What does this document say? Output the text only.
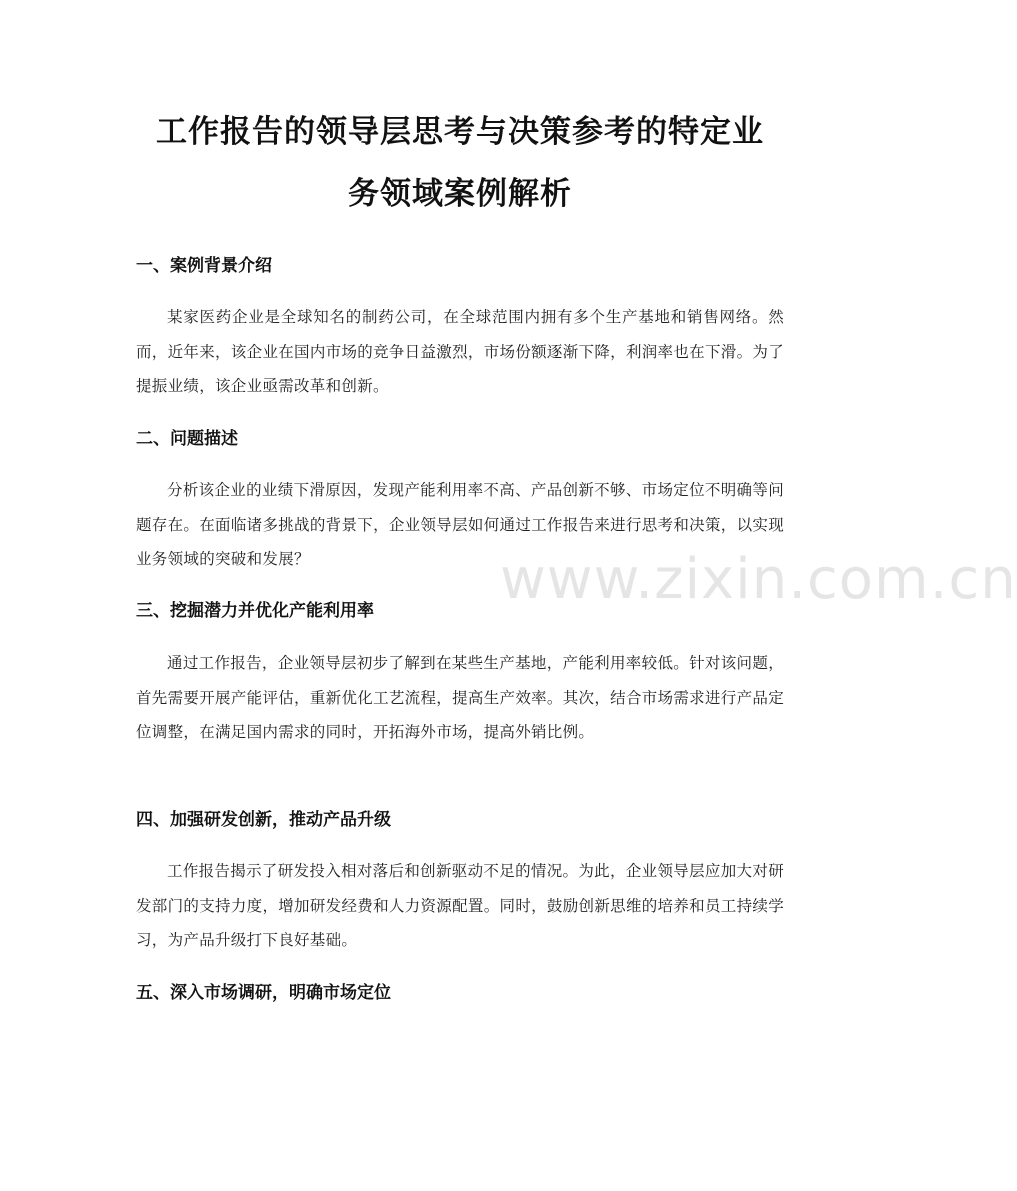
工作报告的领导层思考与决策参考的特定业
务领域案例解析
一、案例背景介绍

某家医药企业是全球知名的制药公司，在全球范围内拥有多个生产基地和销售网络。然而，近年来，该企业在国内市场的竞争日益激烈，市场份额逐渐下降，利润率也在下滑。为了提振业绩，该企业亟需改革和创新。

二、问题描述

分析该企业的业绩下滑原因，发现产能利用率不高、产品创新不够、市场定位不明确等问题存在。在面临诸多挑战的背景下，企业领导层如何通过工作报告来进行思考和决策，以实现业务领域的突破和发展？

三、挖掘潜力并优化产能利用率

通过工作报告，企业领导层初步了解到在某些生产基地，产能利用率较低。针对该问题，首先需要开展产能评估，重新优化工艺流程，提高生产效率。其次，结合市场需求进行产品定位调整，在满足国内需求的同时，开拓海外市场，提高外销比例。

四、加强研发创新，推动产品升级

工作报告揭示了研发投入相对落后和创新驱动不足的情况。为此，企业领导层应加大对研发部门的支持力度，增加研发经费和人力资源配置。同时，鼓励创新思维的培养和员工持续学习，为产品升级打下良好基础。

五、深入市场调研，明确市场定位
www.zixin.com.cn
